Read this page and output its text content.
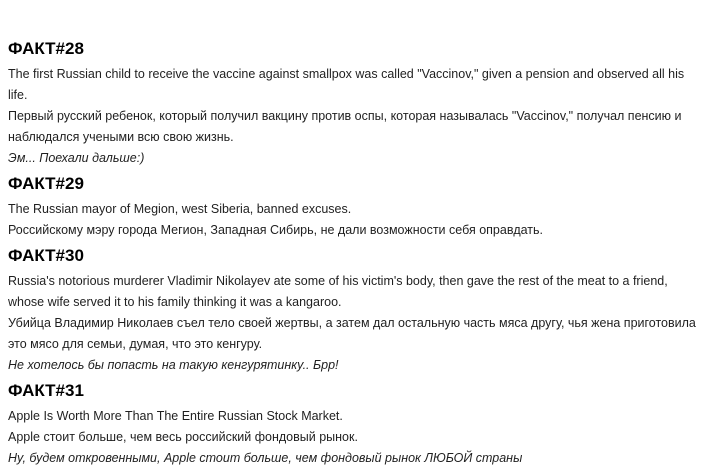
ФАКТ#28

The first Russian child to receive the vaccine against smallpox was called "Vaccinov," given a pension and observed all his life.

Первый русский ребенок, который получил вакцину против оспы, которая называлась "Vaccinov," получал пенсию и наблюдался учеными всю свою жизнь.

Эм... Поехали дальше:)

ФАКТ#29

The Russian mayor of Megion, west Siberia, banned excuses.

Российскому мэру города Мегион, Западная Сибирь, не дали возможности себя оправдать.

ФАКТ#30

Russia's notorious murderer Vladimir Nikolayev ate some of his victim's body, then gave the rest of the meat to a friend, whose wife served it to his family thinking it was a kangaroo.

Убийца Владимир Николаев съел тело своей жертвы, а затем дал остальную часть мяса другу, чья жена приготовила это мясо для семьи, думая, что это кенгуру.

Не хотелось бы попасть на такую кенгурятинку.. Брр!

ФАКТ#31

Apple Is Worth More Than The Entire Russian Stock Market.

Apple стоит больше, чем весь российский фондовый рынок.

Ну, будем откровенными, Apple стоит больше, чем фондовый рынок ЛЮБОЙ страны
